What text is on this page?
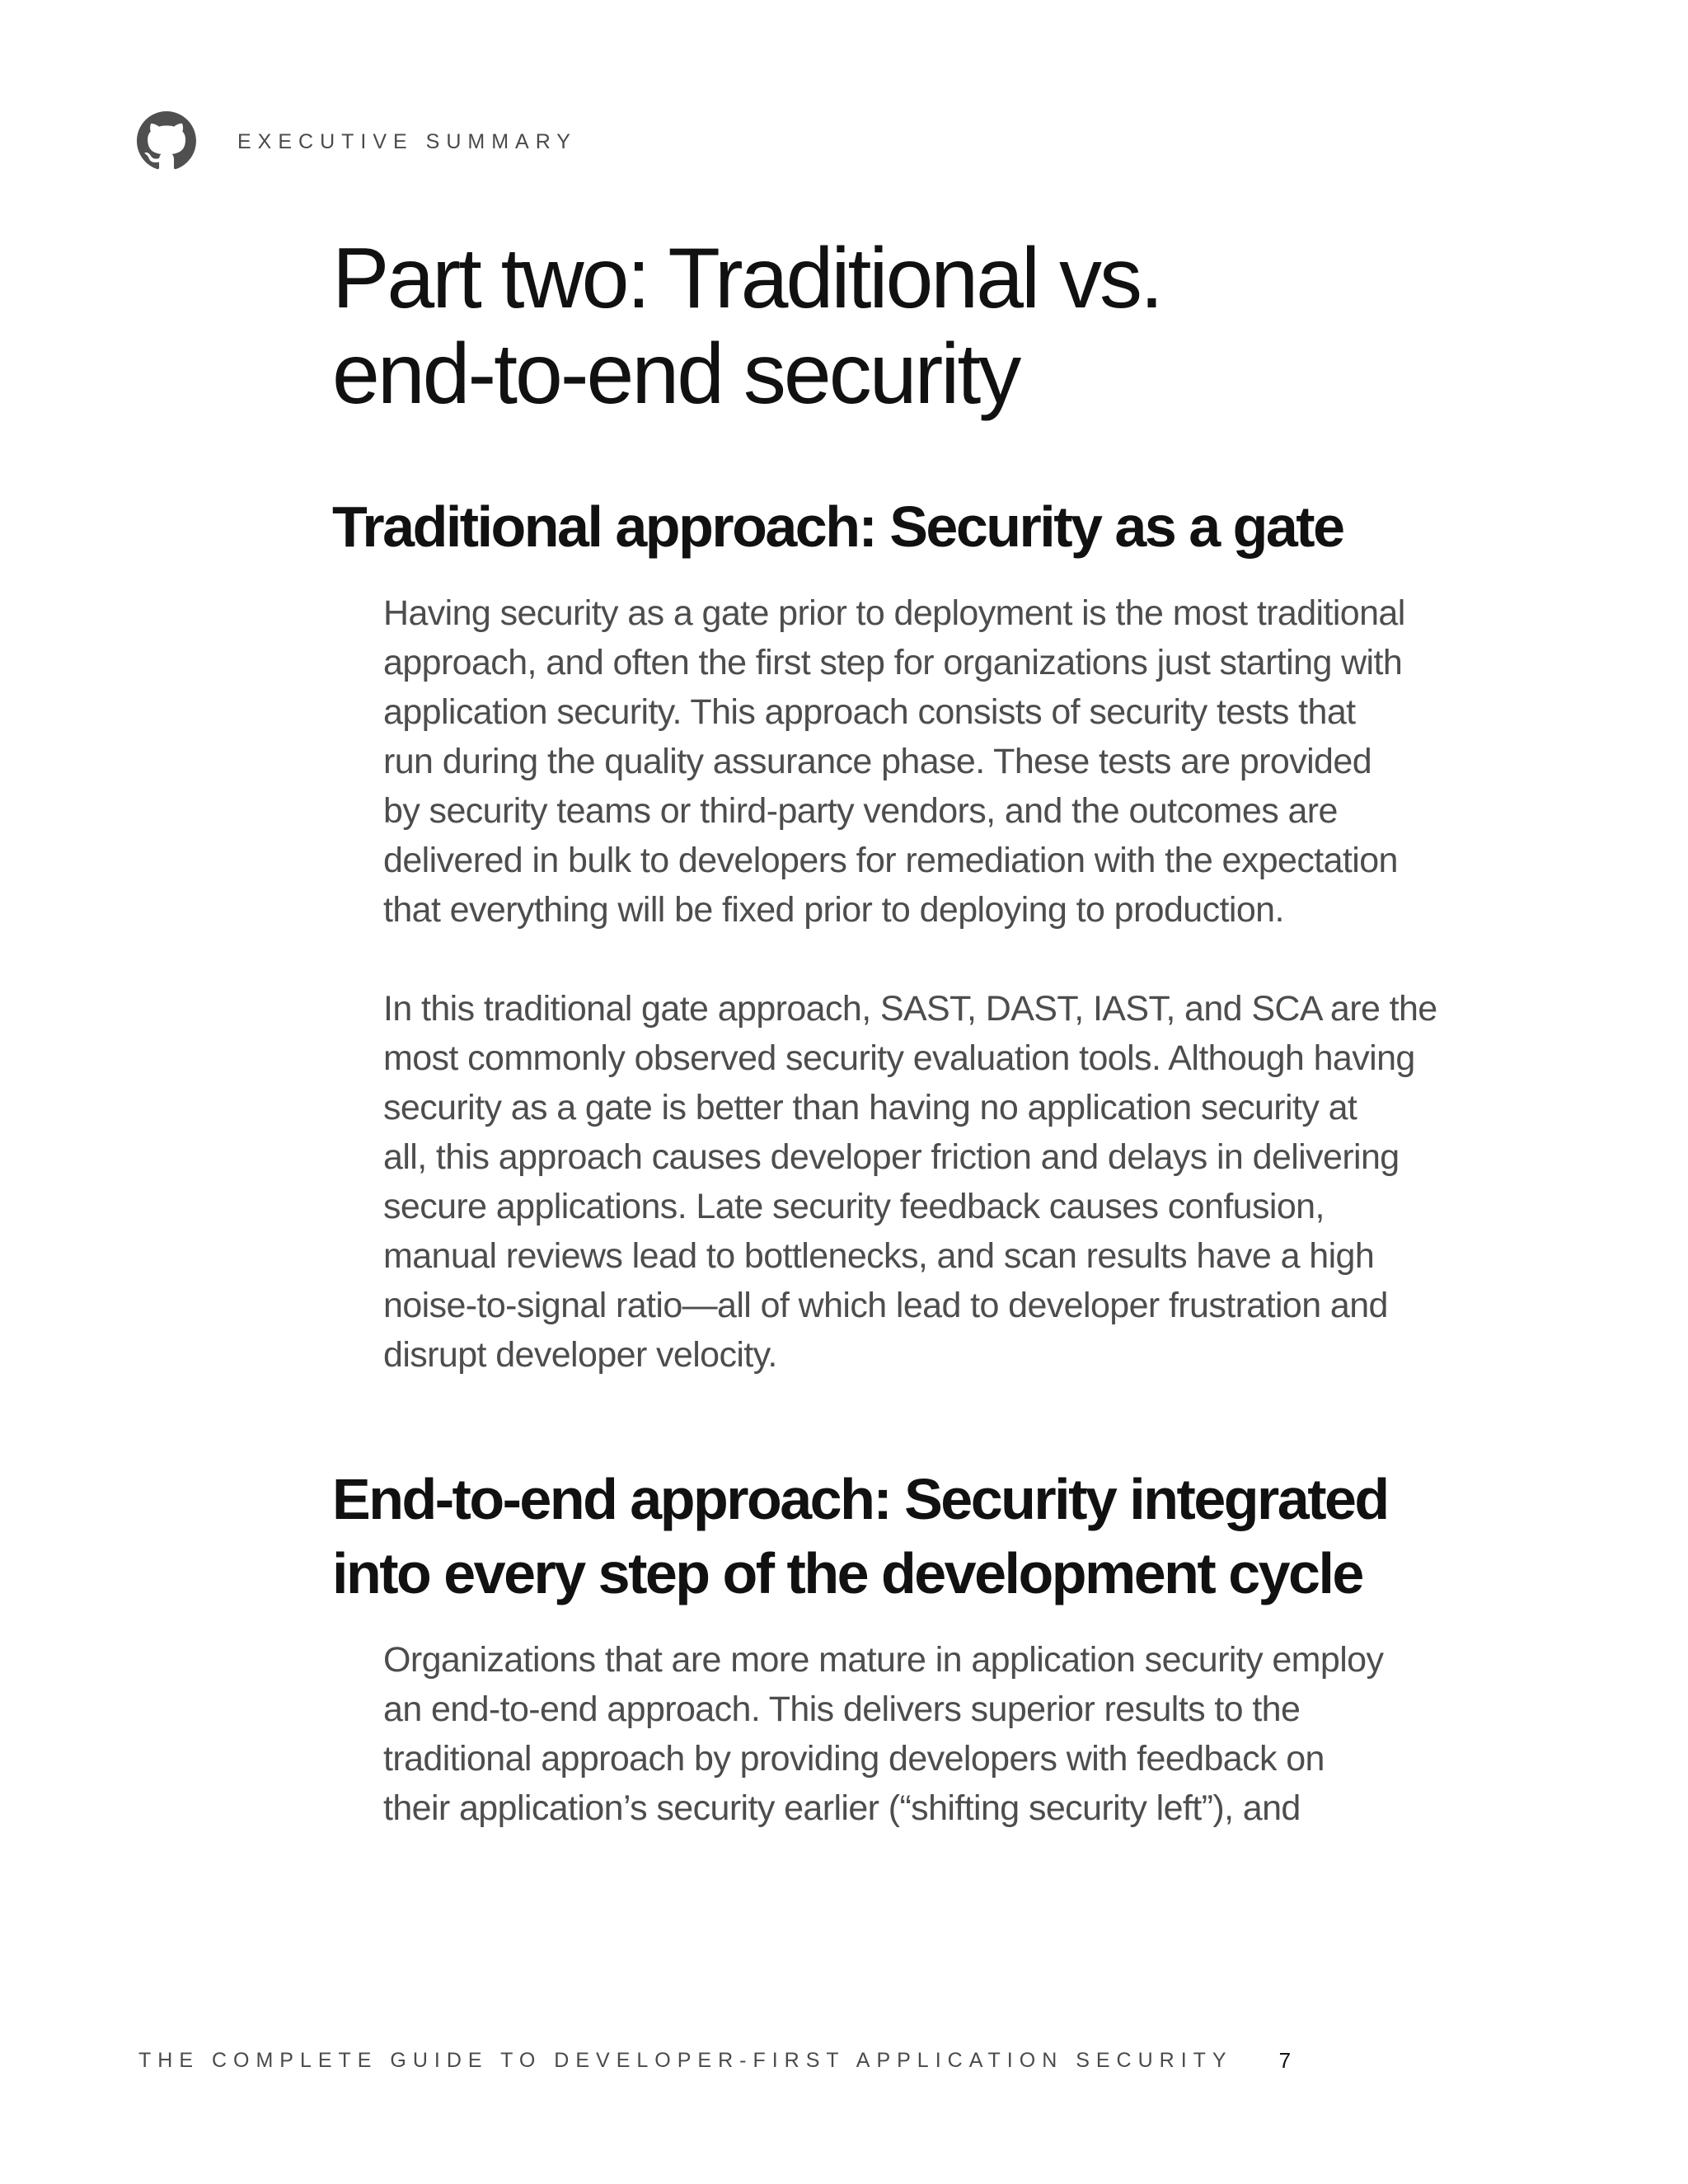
EXECUTIVE SUMMARY
Part two: Traditional vs.
end-to-end security
Traditional approach: Security as a gate

Having security as a gate prior to deployment is the most traditional
approach, and often the first step for organizations just starting with
application security. This approach consists of security tests that
run during the quality assurance phase. These tests are provided
by security teams or third-party vendors, and the outcomes are
delivered in bulk to developers for remediation with the expectation
that everything will be fixed prior to deploying to production.

In this traditional gate approach, SAST, DAST, IAST, and SCA are the
most commonly observed security evaluation tools. Although having
security as a gate is better than having no application security at
all, this approach causes developer friction and delays in delivering
secure applications. Late security feedback causes confusion,
manual reviews lead to bottlenecks, and scan results have a high
noise-to-signal ratio—all of which lead to developer frustration and
disrupt developer velocity.

End-to-end approach: Security integrated
into every step of the development cycle

Organizations that are more mature in application security employ
an end-to-end approach. This delivers superior results to the
traditional approach by providing developers with feedback on
their application’s security earlier (“shifting security left”), and

THE COMPLETE GUIDE TO DEVELOPER-FIRST APPLICATION SECURITY 7
